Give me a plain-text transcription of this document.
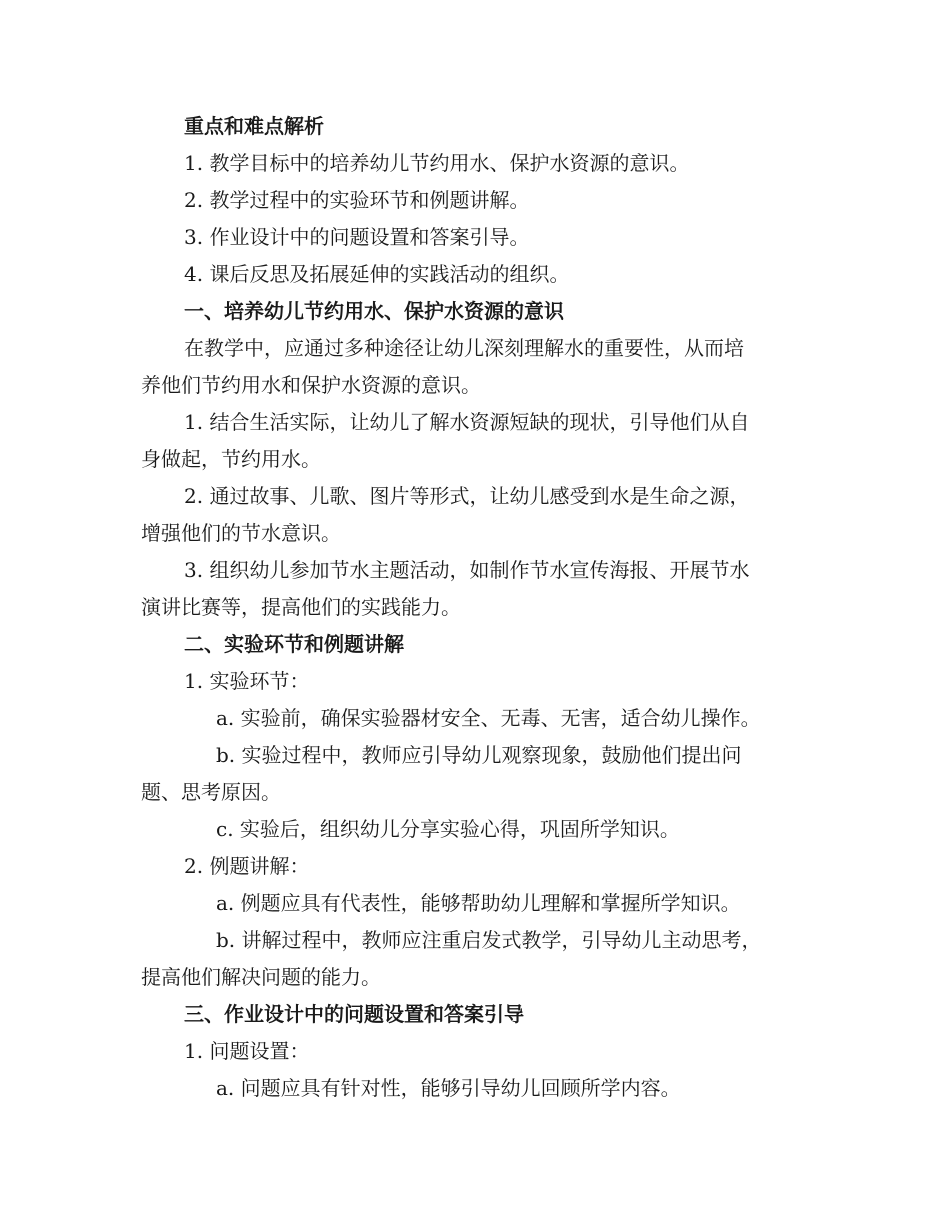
重点和难点解析
1. 教学目标中的培养幼儿节约用水、保护水资源的意识。
2. 教学过程中的实验环节和例题讲解。
3. 作业设计中的问题设置和答案引导。
4. 课后反思及拓展延伸的实践活动的组织。
一、培养幼儿节约用水、保护水资源的意识
在教学中，应通过多种途径让幼儿深刻理解水的重要性，从而培
养他们节约用水和保护水资源的意识。
1. 结合生活实际，让幼儿了解水资源短缺的现状，引导他们从自
身做起，节约用水。
2. 通过故事、儿歌、图片等形式，让幼儿感受到水是生命之源，
增强他们的节水意识。
3. 组织幼儿参加节水主题活动，如制作节水宣传海报、开展节水
演讲比赛等，提高他们的实践能力。
二、实验环节和例题讲解
1. 实验环节：
a. 实验前，确保实验器材安全、无毒、无害，适合幼儿操作。
b. 实验过程中，教师应引导幼儿观察现象，鼓励他们提出问
题、思考原因。
c. 实验后，组织幼儿分享实验心得，巩固所学知识。
2. 例题讲解：
a. 例题应具有代表性，能够帮助幼儿理解和掌握所学知识。
b. 讲解过程中，教师应注重启发式教学，引导幼儿主动思考，
提高他们解决问题的能力。
三、作业设计中的问题设置和答案引导
1. 问题设置：
a. 问题应具有针对性，能够引导幼儿回顾所学内容。
